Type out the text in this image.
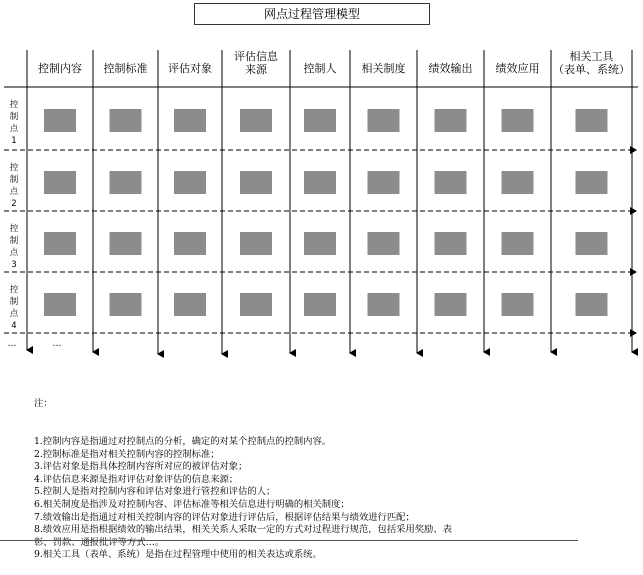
网点过程管理模型
控制内容 控制标准 评估对象
评估信息
来源	控制人 相关制度 绩效输出 绩效应用
相关工具
（表单、系统）
控
制
点
1
控
制
点
2
控
制
点
3
控
制
点
4
…	…

注：

1.控制内容是指通过对控制点的分析，确定的对某个控制点的控制内容。
2.控制标准是指对相关控制内容的控制标准；
3.评估对象是指具体控制内容所对应的被评估对象；
4.评估信息来源是指对评估对象评估的信息来源；
5.控制人是指对控制内容和评估对象进行管控和评估的人；
6.相关制度是指涉及对控制内容、评估标准等相关信息进行明确的相关制度；
7.绩效输出是指通过对相关控制内容的评估对象进行评估后，根据评估结果与绩效进行匹配；
8.绩效应用是指根据绩效的输出结果，相关关系人采取一定的方式对过程进行规范，包括采用奖励、表
彰、罚款、通报批评等方式…。
9.相关工具（表单、系统）是指在过程管理中使用的相关表达或系统。
